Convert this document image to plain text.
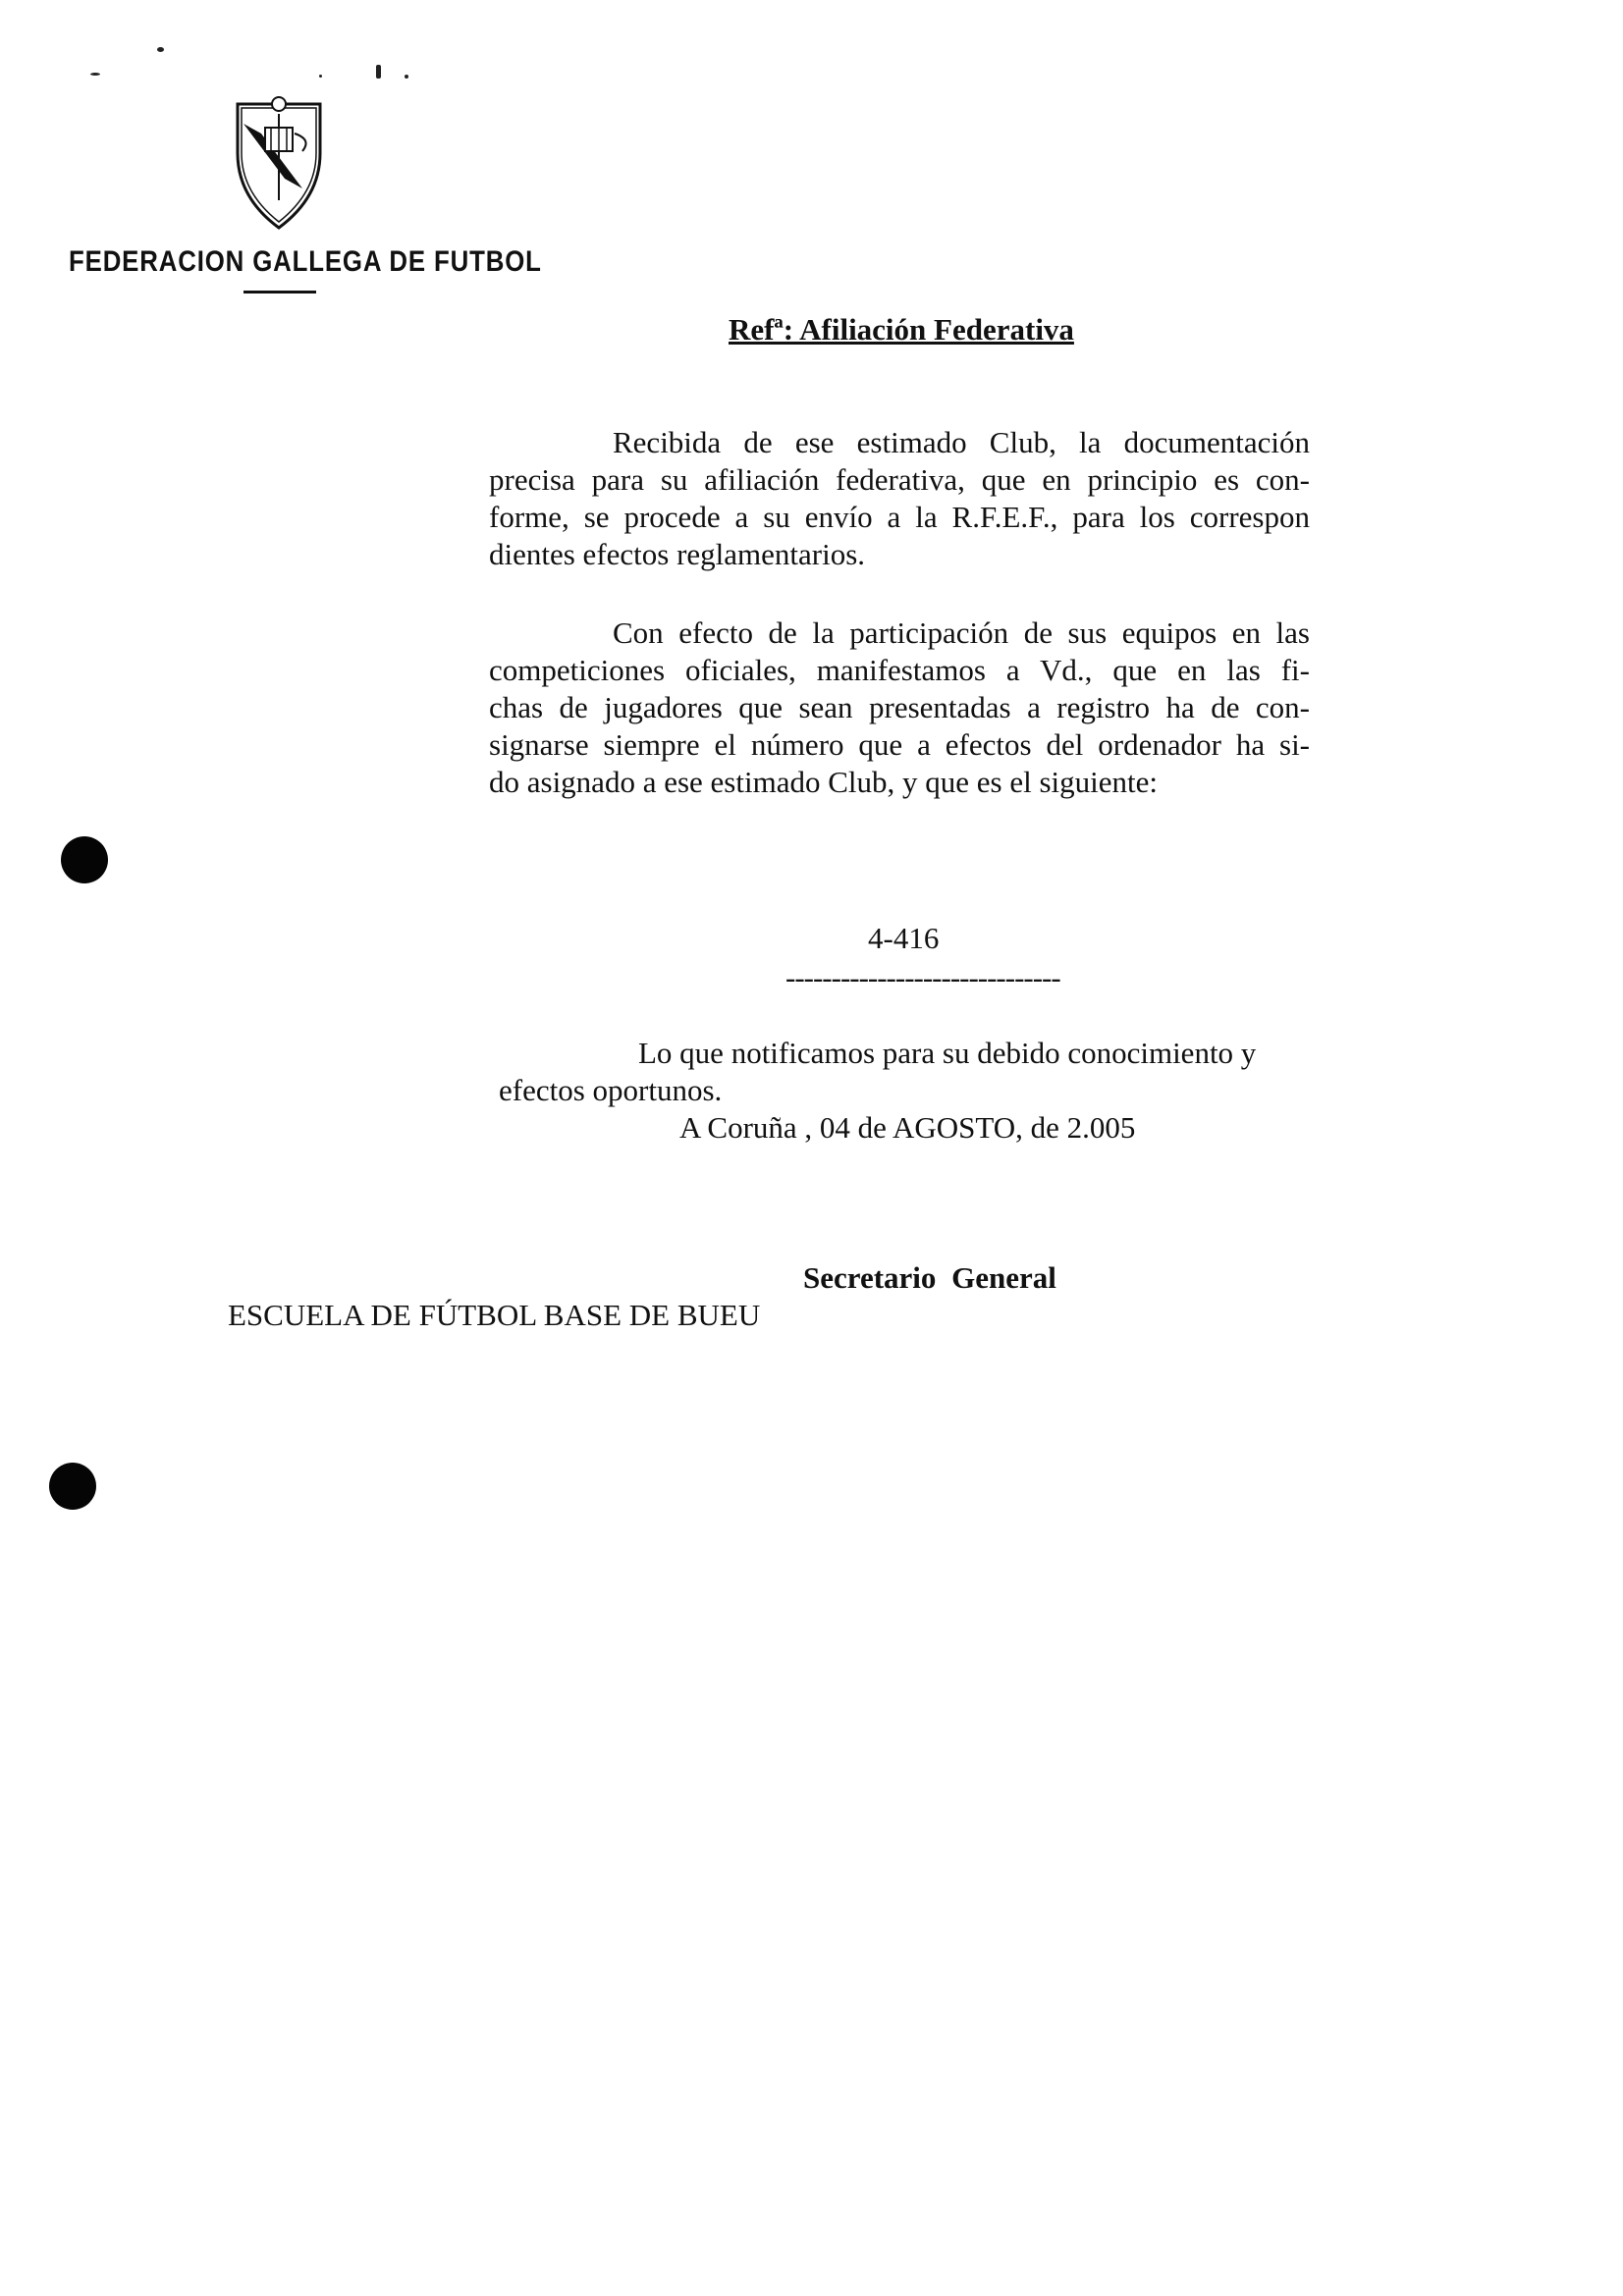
FEDERACION GALLEGA DE FUTBOL
Refª: Afiliación Federativa
Recibida de ese estimado Club, la documentación
precisa para su afiliación federativa, que en principio es con-
forme, se procede a su envío a la R.F.E.F., para los correspon
dientes efectos reglamentarios.
Con efecto de la participación de sus equipos en las
competiciones oficiales, manifestamos a Vd., que en las fi-
chas de jugadores que sean presentadas a registro ha de con-
signarse siempre el número que a efectos del ordenador ha si-
do asignado a ese estimado Club, y que es el siguiente:
4-416
------------------------------
Lo que notificamos para su debido conocimiento y
efectos oportunos.
A Coruña , 04 de AGOSTO, de 2.005
Secretario General
ESCUELA DE FÚTBOL BASE DE BUEU
